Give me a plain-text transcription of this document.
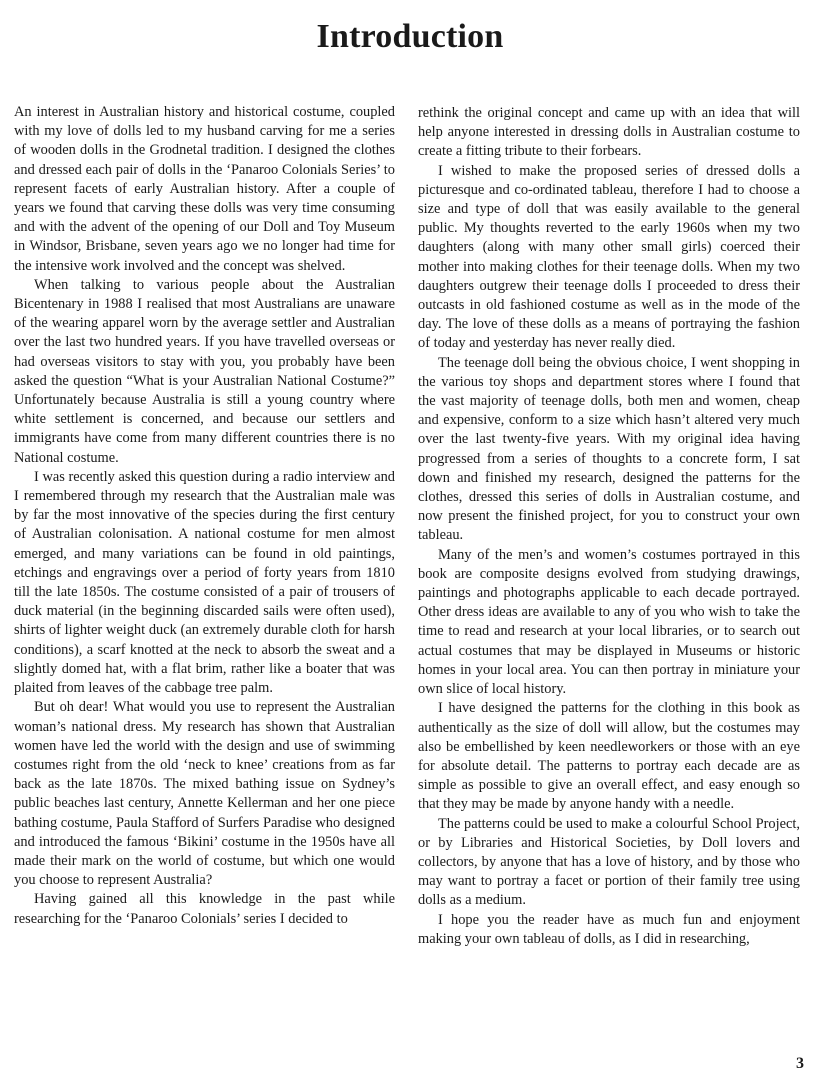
Introduction

An interest in Australian history and historical costume, coupled with my love of dolls led to my husband carving for me a series of wooden dolls in the Grodnetal tradition. I designed the clothes and dressed each pair of dolls in the ‘Panaroo Colonials Series’ to represent facets of early Australian history. After a couple of years we found that carving these dolls was very time consuming and with the advent of the opening of our Doll and Toy Museum in Windsor, Brisbane, seven years ago we no longer had time for the intensive work involved and the concept was shelved.

When talking to various people about the Australian Bicentenary in 1988 I realised that most Australians are unaware of the wearing apparel worn by the average settler and Australian over the last two hundred years. If you have travelled overseas or had overseas visitors to stay with you, you probably have been asked the question “What is your Australian National Costume?” Unfortunately because Australia is still a young country where white settlement is concerned, and because our settlers and immigrants have come from many different countries there is no National costume.

I was recently asked this question during a radio interview and I remembered through my research that the Australian male was by far the most innovative of the species during the first century of Australian colonisation. A national costume for men almost emerged, and many variations can be found in old paintings, etchings and engravings over a period of forty years from 1810 till the late 1850s. The costume consisted of a pair of trousers of duck material (in the beginning discarded sails were often used), shirts of lighter weight duck (an extremely durable cloth for harsh conditions), a scarf knotted at the neck to absorb the sweat and a slightly domed hat, with a flat brim, rather like a boater that was plaited from leaves of the cabbage tree palm.

But oh dear! What would you use to represent the Australian woman’s national dress. My research has shown that Australian women have led the world with the design and use of swimming costumes right from the old ‘neck to knee’ creations from as far back as the late 1870s. The mixed bathing issue on Sydney’s public beaches last century, Annette Kellerman and her one piece bathing costume, Paula Stafford of Surfers Paradise who designed and introduced the famous ‘Bikini’ costume in the 1950s have all made their mark on the world of costume, but which one would you choose to represent Australia?

Having gained all this knowledge in the past while researching for the ‘Panaroo Colonials’ series I decided to

rethink the original concept and came up with an idea that will help anyone interested in dressing dolls in Australian costume to create a fitting tribute to their forbears.

I wished to make the proposed series of dressed dolls a picturesque and co-ordinated tableau, therefore I had to choose a size and type of doll that was easily available to the general public. My thoughts reverted to the early 1960s when my two daughters (along with many other small girls) coerced their mother into making clothes for their teenage dolls. When my two daughters outgrew their teenage dolls I proceeded to dress their outcasts in old fashioned costume as well as in the mode of the day. The love of these dolls as a means of portraying the fashion of today and yesterday has never really died.

The teenage doll being the obvious choice, I went shopping in the various toy shops and department stores where I found that the vast majority of teenage dolls, both men and women, cheap and expensive, conform to a size which hasn’t altered very much over the last twenty-five years. With my original idea having progressed from a series of thoughts to a concrete form, I sat down and finished my research, designed the patterns for the clothes, dressed this series of dolls in Australian costume, and now present the finished project, for you to construct your own tableau.

Many of the men’s and women’s costumes portrayed in this book are composite designs evolved from studying drawings, paintings and photographs applicable to each decade portrayed. Other dress ideas are available to any of you who wish to take the time to read and research at your local libraries, or to search out actual costumes that may be displayed in Museums or historic homes in your local area. You can then portray in miniature your own slice of local history.

I have designed the patterns for the clothing in this book as authentically as the size of doll will allow, but the costumes may also be embellished by keen needleworkers or those with an eye for absolute detail. The patterns to portray each decade are as simple as possible to give an overall effect, and easy enough so that they may be made by anyone handy with a needle.

The patterns could be used to make a colourful School Project, or by Libraries and Historical Societies, by Doll lovers and collectors, by anyone that has a love of history, and by those who may want to portray a facet or portion of their family tree using dolls as a medium.

I hope you the reader have as much fun and enjoyment making your own tableau of dolls, as I did in researching,

3
